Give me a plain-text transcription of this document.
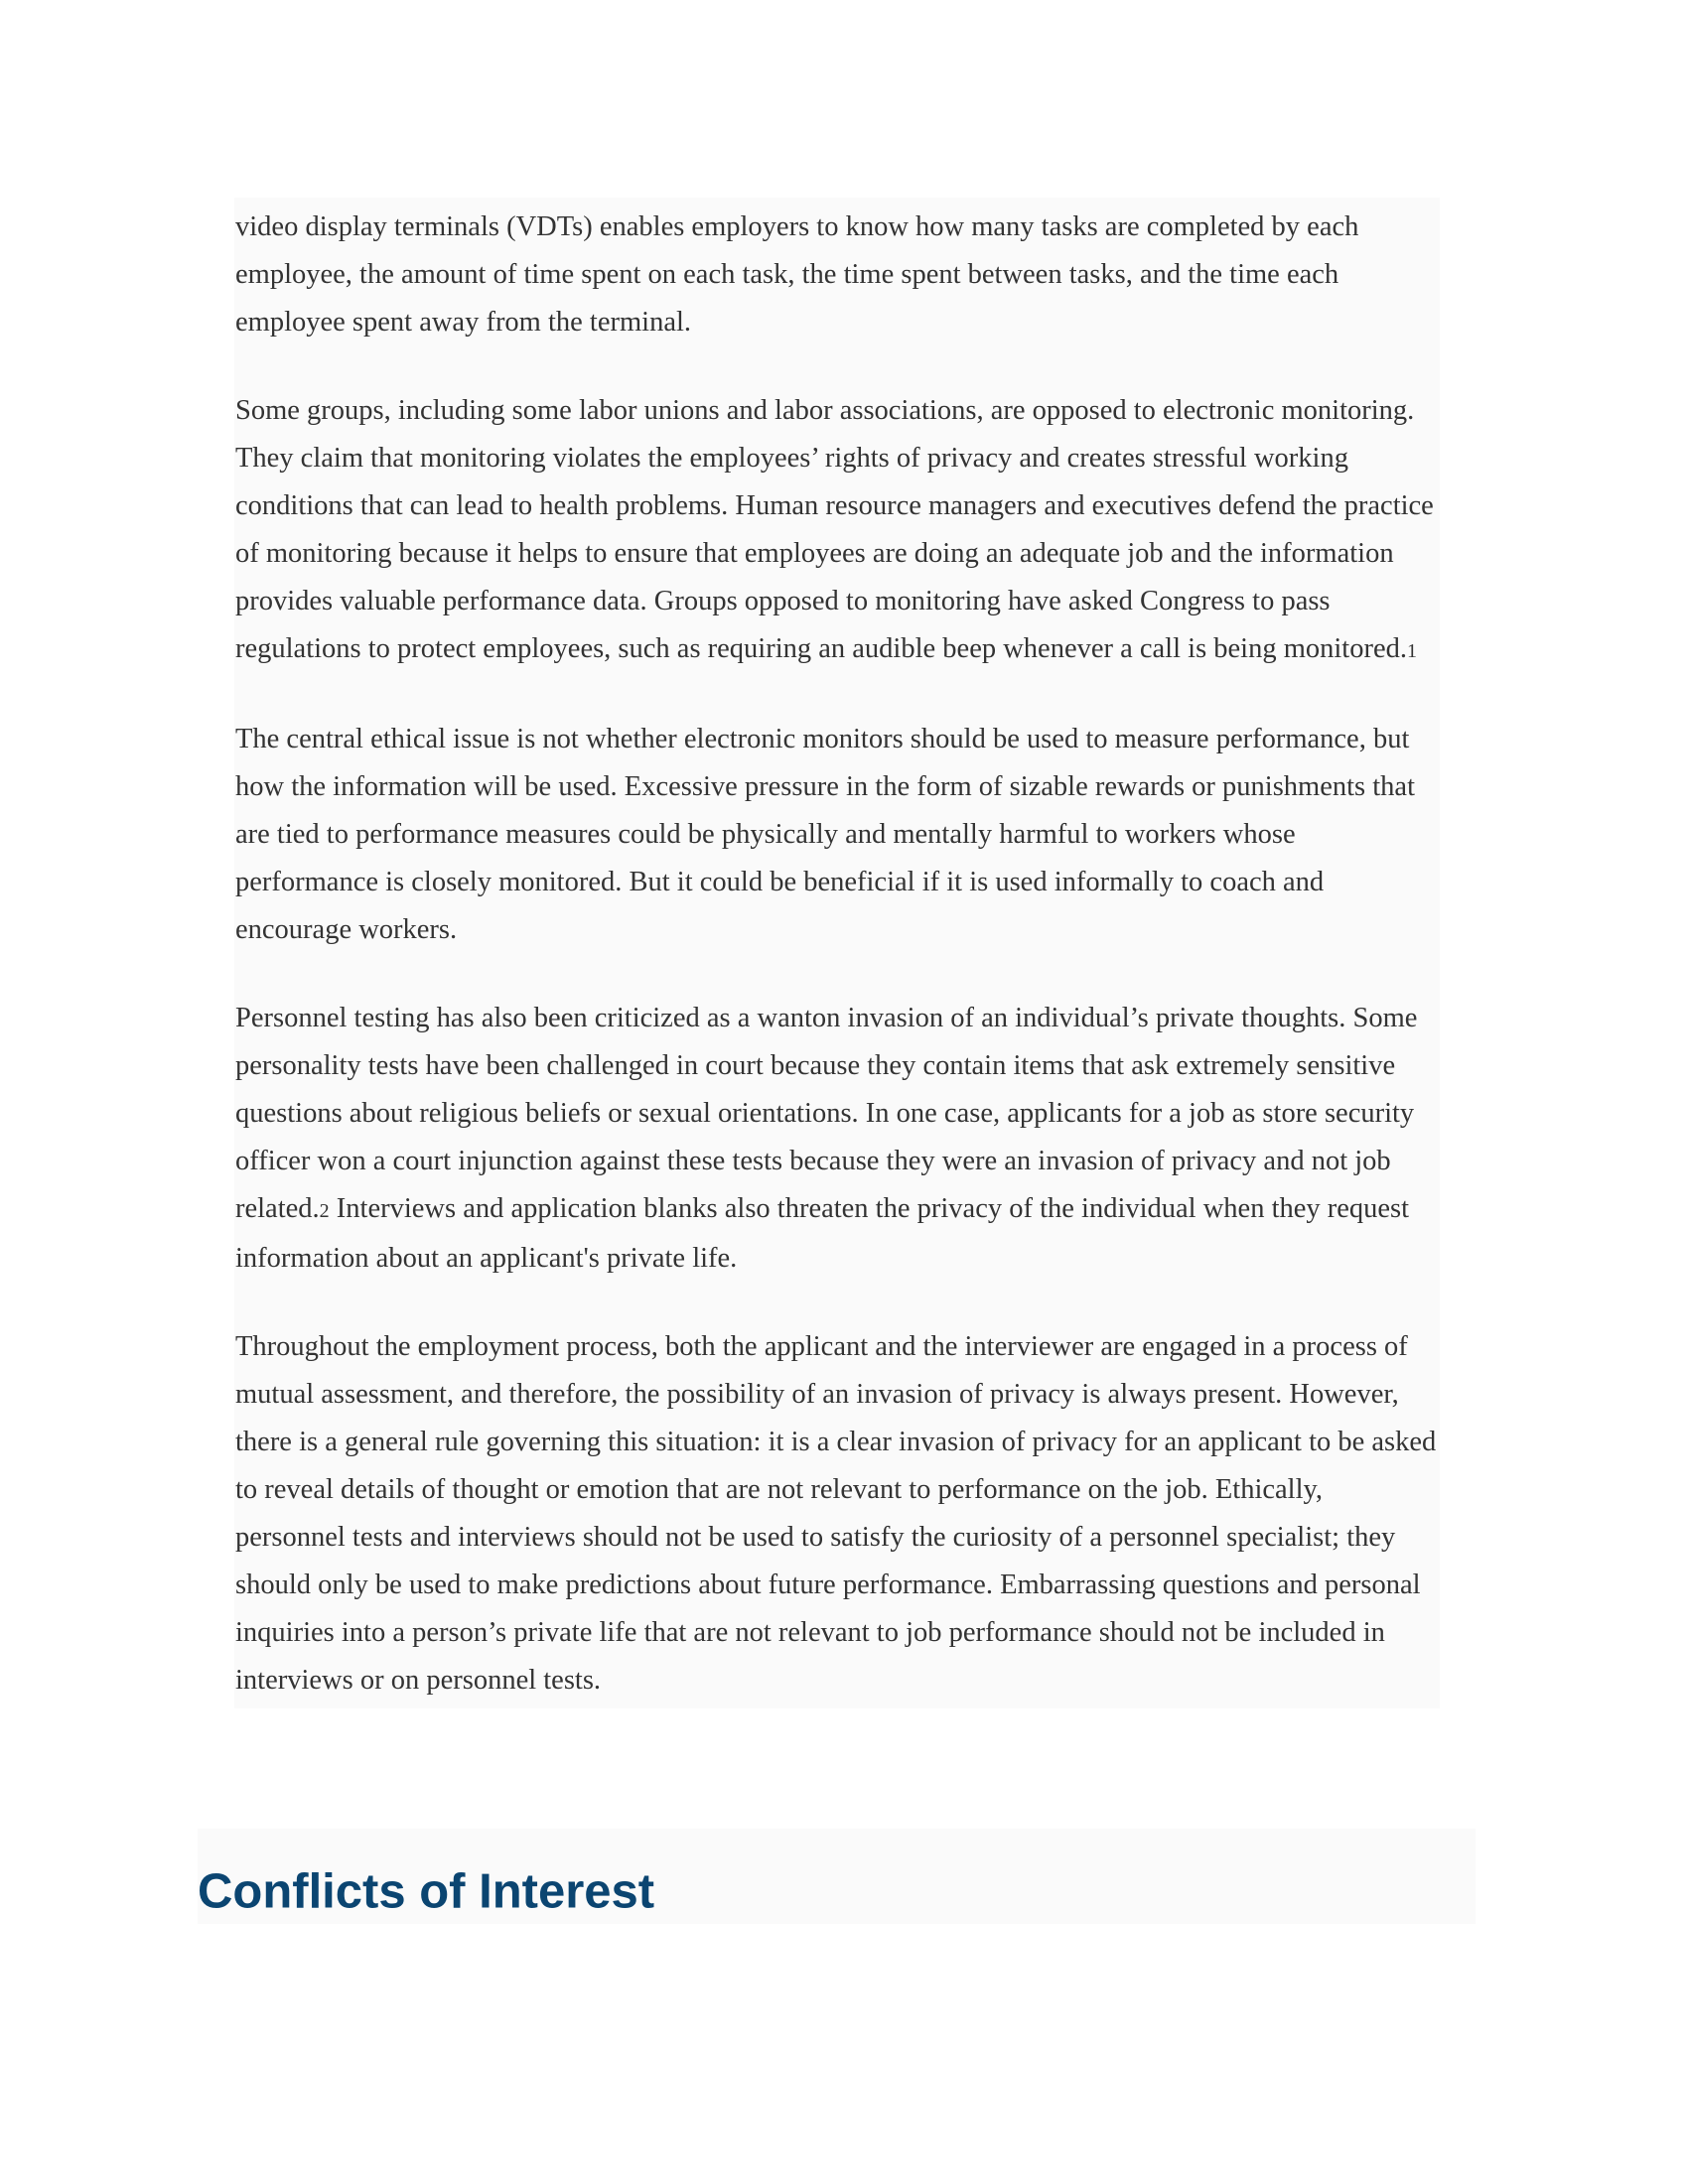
video display terminals (VDTs) enables employers to know how many tasks are completed by each employee, the amount of time spent on each task, the time spent between tasks, and the time each employee spent away from the terminal.

Some groups, including some labor unions and labor associations, are opposed to electronic monitoring. They claim that monitoring violates the employees’ rights of privacy and creates stressful working conditions that can lead to health problems. Human resource managers and executives defend the practice of monitoring because it helps to ensure that employees are doing an adequate job and the information provides valuable performance data. Groups opposed to monitoring have asked Congress to pass regulations to protect employees, such as requiring an audible beep whenever a call is being monitored.1

The central ethical issue is not whether electronic monitors should be used to measure performance, but how the information will be used. Excessive pressure in the form of sizable rewards or punishments that are tied to performance measures could be physically and mentally harmful to workers whose performance is closely monitored. But it could be beneficial if it is used informally to coach and encourage workers.

Personnel testing has also been criticized as a wanton invasion of an individual’s private thoughts. Some personality tests have been challenged in court because they contain items that ask extremely sensitive questions about religious beliefs or sexual orientations. In one case, applicants for a job as store security officer won a court injunction against these tests because they were an invasion of privacy and not job related.2 Interviews and application blanks also threaten the privacy of the individual when they request information about an applicant's private life.

Throughout the employment process, both the applicant and the interviewer are engaged in a process of mutual assessment, and therefore, the possibility of an invasion of privacy is always present. However, there is a general rule governing this situation: it is a clear invasion of privacy for an applicant to be asked to reveal details of thought or emotion that are not relevant to performance on the job. Ethically, personnel tests and interviews should not be used to satisfy the curiosity of a personnel specialist; they should only be used to make predictions about future performance. Embarrassing questions and personal inquiries into a person’s private life that are not relevant to job performance should not be included in interviews or on personnel tests.

Conflicts of Interest
